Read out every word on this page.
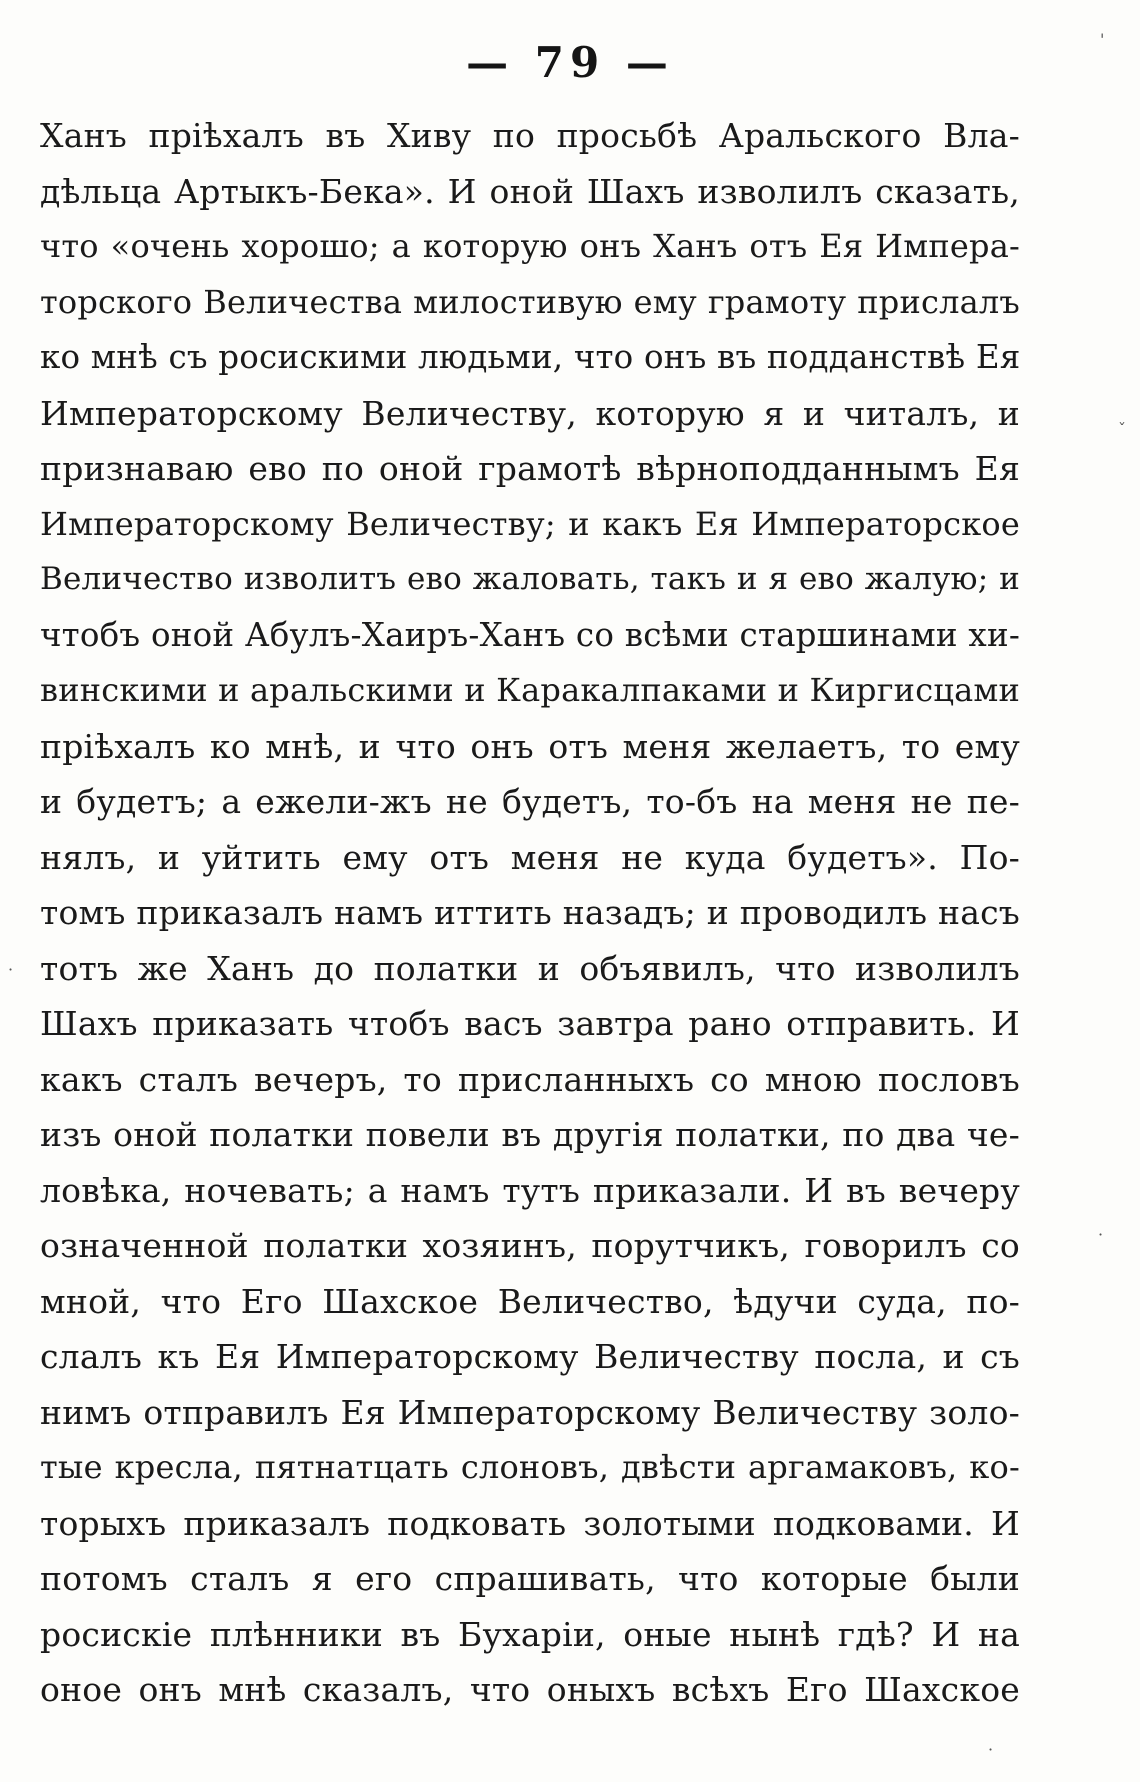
— 79 —
Ханъ пріѣхалъ въ Хиву по просьбѣ Аральского Вла-
дѣльца Артыкъ-Бека». И оной Шахъ изволилъ сказать,
что «очень хорошо; а которую онъ Ханъ отъ Ея Импера-
торского Величества милостивую ему грамоту прислалъ
ко мнѣ съ росискими людьми, что онъ въ подданствѣ Ея
Императорскому Величеству, которую я и читалъ, и
признаваю ево по оной грамотѣ вѣрноподданнымъ Ея
Императорскому Величеству; и какъ Ея Императорское
Величество изволитъ ево жаловать, такъ и я ево жалую; и
чтобъ оной Абулъ-Хаиръ-Ханъ со всѣми старшинами хи-
винскими и аральскими и Каракалпаками и Киргисцами
пріѣхалъ ко мнѣ, и что онъ отъ меня желаетъ, то ему
и будетъ; а ежели-жъ не будетъ, то-бъ на меня не пе-
нялъ, и уйтить ему отъ меня не куда будетъ». По-
томъ приказалъ намъ иттить назадъ; и проводилъ насъ
тотъ же Ханъ до полатки и объявилъ, что изволилъ
Шахъ приказать чтобъ васъ завтра рано отправить. И
какъ сталъ вечеръ, то присланныхъ со мною пословъ
изъ оной полатки повели въ другія полатки, по два че-
ловѣка, ночевать; а намъ тутъ приказали. И въ вечеру
означенной полатки хозяинъ, порутчикъ, говорилъ со
мной, что Его Шахское Величество, ѣдучи суда, по-
слалъ къ Ея Императорскому Величеству посла, и съ
нимъ отправилъ Ея Императорскому Величеству золо-
тые кресла, пятнатцать слоновъ, двѣсти аргамаковъ, ко-
торыхъ приказалъ подковать золотыми подковами. И
потомъ сталъ я его спрашивать, что которые были
росискіе плѣнники въ Бухаріи, оные нынѣ гдѣ? И на
оное онъ мнѣ сказалъ, что оныхъ всѣхъ Его Шахское
'
ˇ
·
·
·
